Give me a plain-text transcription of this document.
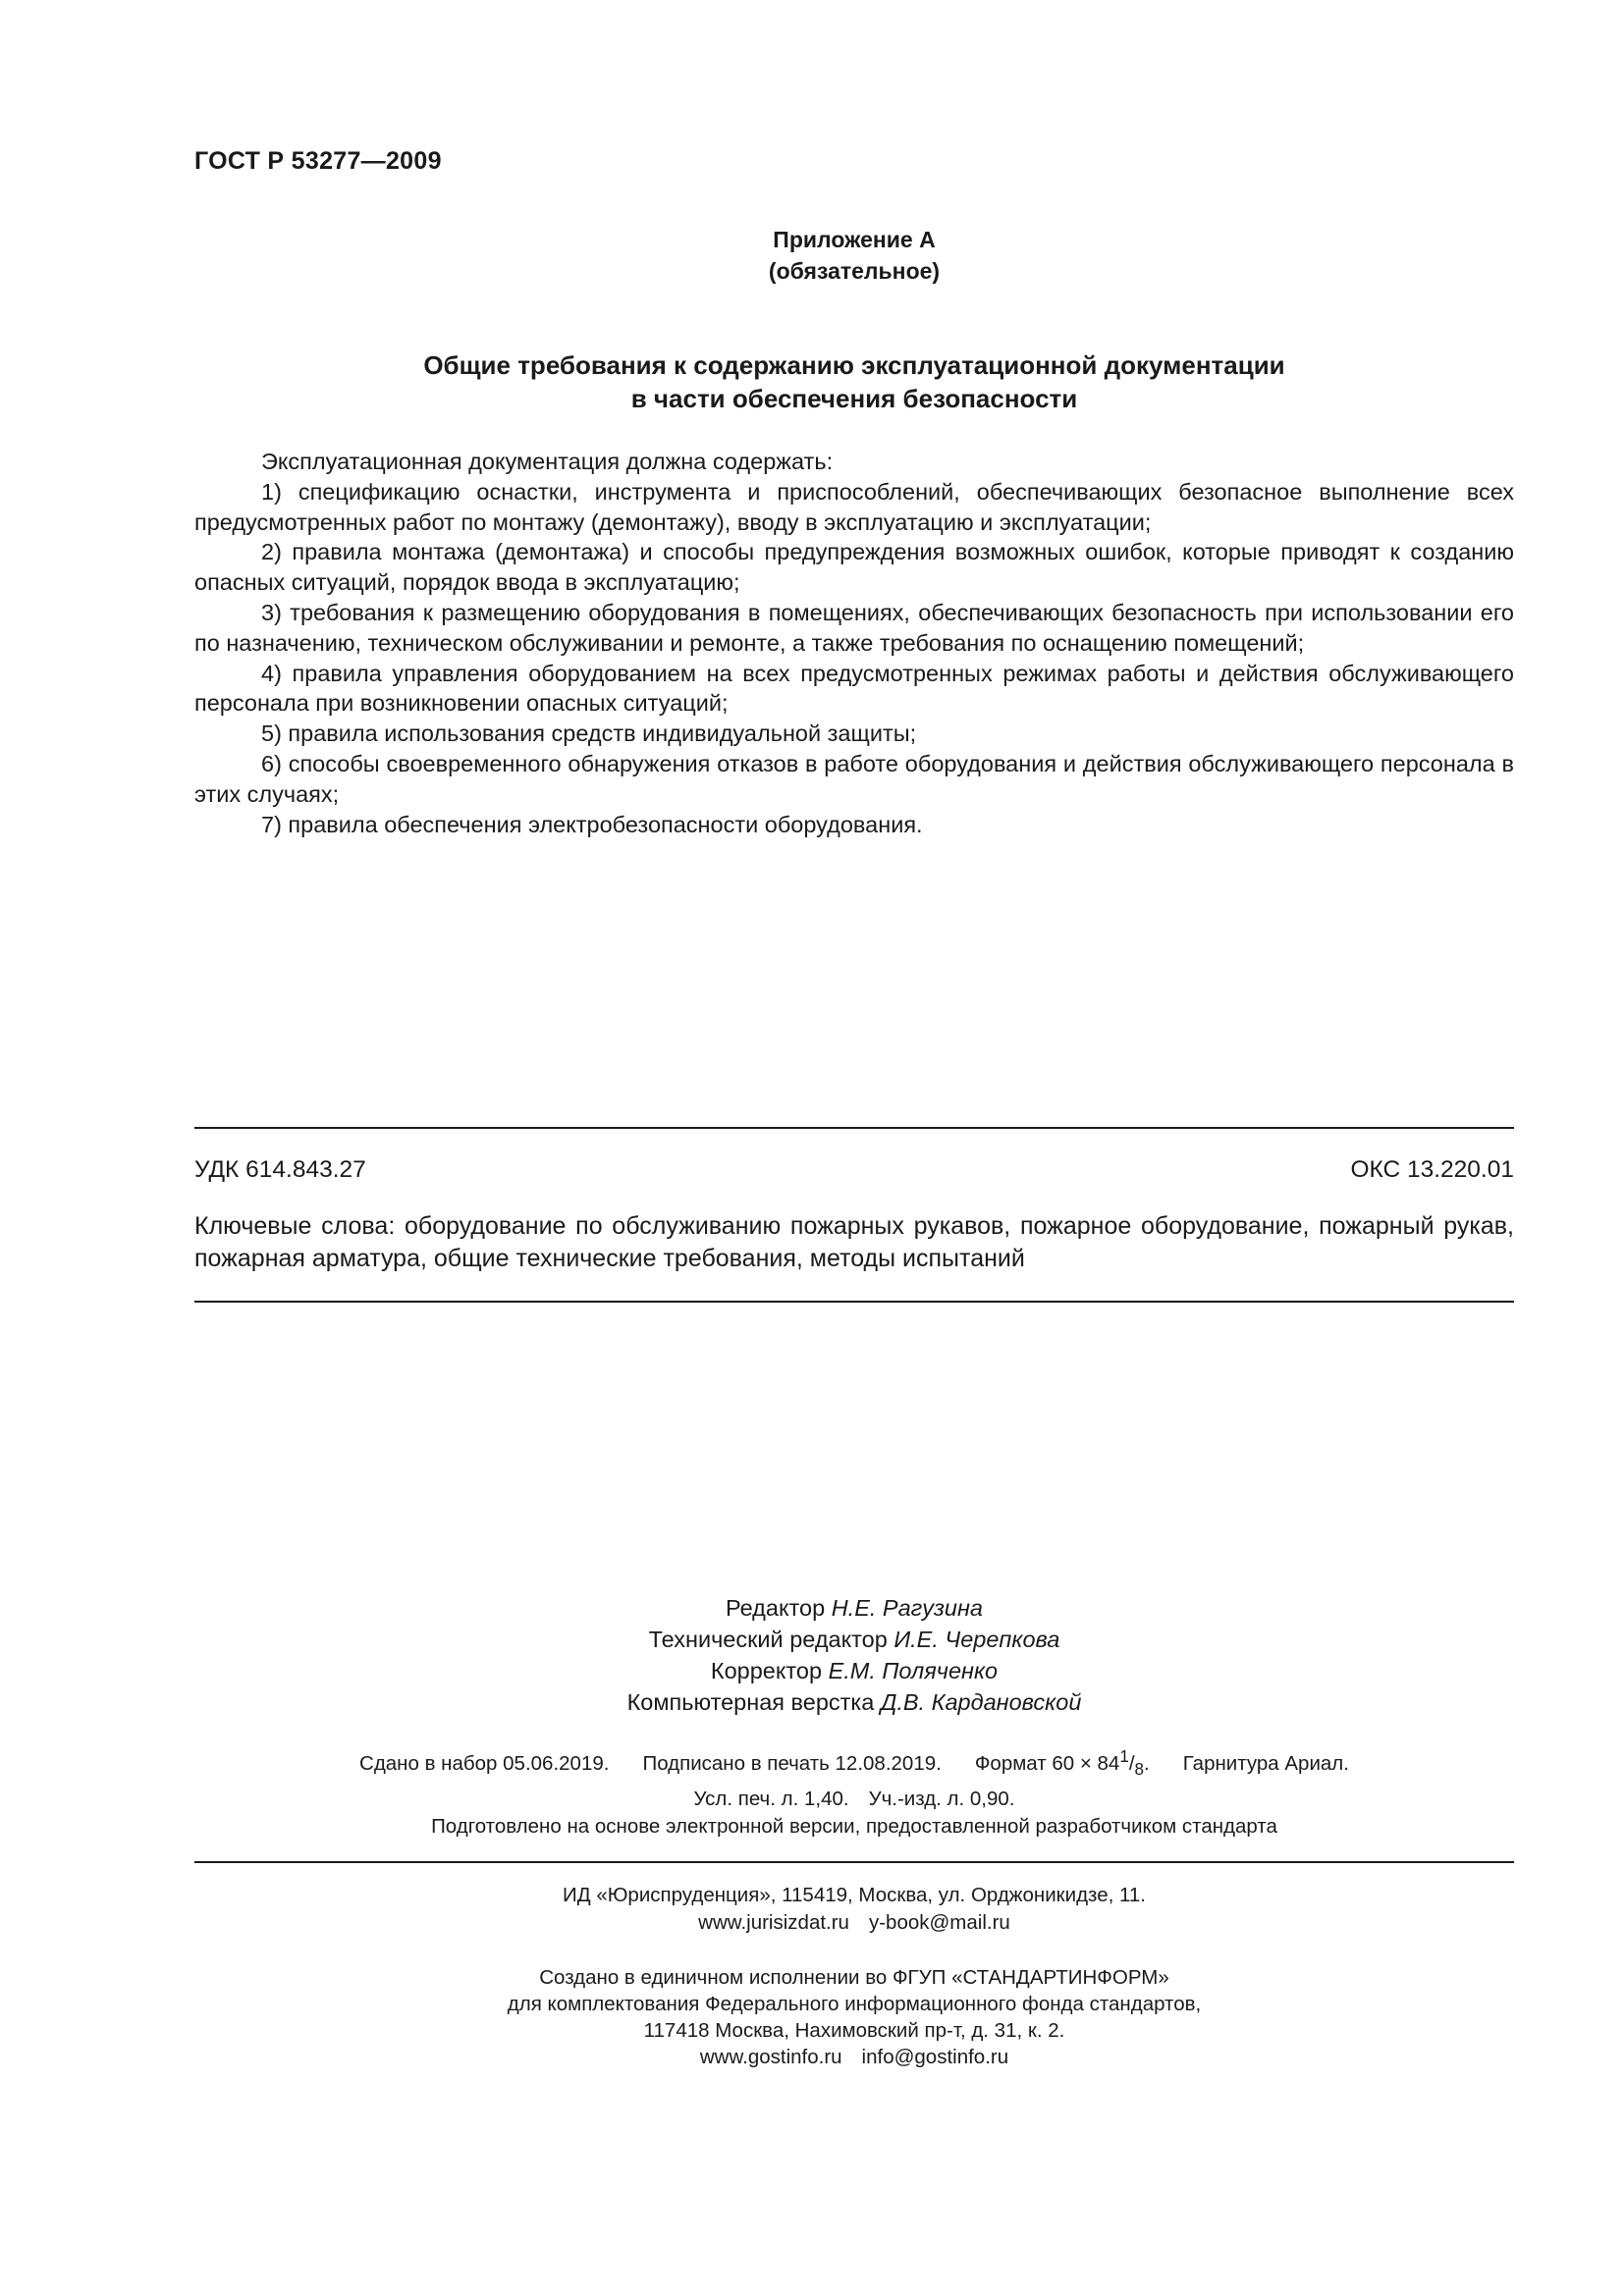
ГОСТ Р 53277—2009
Приложение А
(обязательное)
Общие требования к содержанию эксплуатационной документации
в части обеспечения безопасности

Эксплуатационная документация должна содержать:

1) спецификацию оснастки, инструмента и приспособлений, обеспечивающих безопасное выполнение всех предусмотренных работ по монтажу (демонтажу), вводу в эксплуатацию и эксплуатации;

2) правила монтажа (демонтажа) и способы предупреждения возможных ошибок, которые приводят к созданию опасных ситуаций, порядок ввода в эксплуатацию;

3) требования к размещению оборудования в помещениях, обеспечивающих безопасность при использовании его по назначению, техническом обслуживании и ремонте, а также требования по оснащению помещений;

4) правила управления оборудованием на всех предусмотренных режимах работы и действия обслуживающего персонала при возникновении опасных ситуаций;

5) правила использования средств индивидуальной защиты;

6) способы своевременного обнаружения отказов в работе оборудования и действия обслуживающего персонала в этих случаях;

7) правила обеспечения электробезопасности оборудования.

УДК 614.843.27	ОКС 13.220.01
Ключевые слова: оборудование по обслуживанию пожарных рукавов, пожарное оборудование, пожарный рукав, пожарная арматура, общие технические требования, методы испытаний
Редактор Н.Е. Рагузина
Технический редактор И.Е. Черепкова
Корректор Е.М. Поляченко
Компьютерная верстка Д.В. Кардановской
Сдано в набор 05.06.2019. Подписано в печать 12.08.2019. Формат $60 \times 84^1/_8$. Гарнитура Ариал.
Усл. печ. л. 1,40. Уч.-изд. л. 0,90.
Подготовлено на основе электронной версии, предоставленной разработчиком стандарта
ИД «Юриспруденция», 115419, Москва, ул. Орджоникидзе, 11.
www.jurisizdat.ru y-book@mail.ru
Создано в единичном исполнении во ФГУП «СТАНДАРТИНФОРМ»
для комплектования Федерального информационного фонда стандартов,
117418 Москва, Нахимовский пр-т, д. 31, к. 2.
www.gostinfo.ru info@gostinfo.ru
